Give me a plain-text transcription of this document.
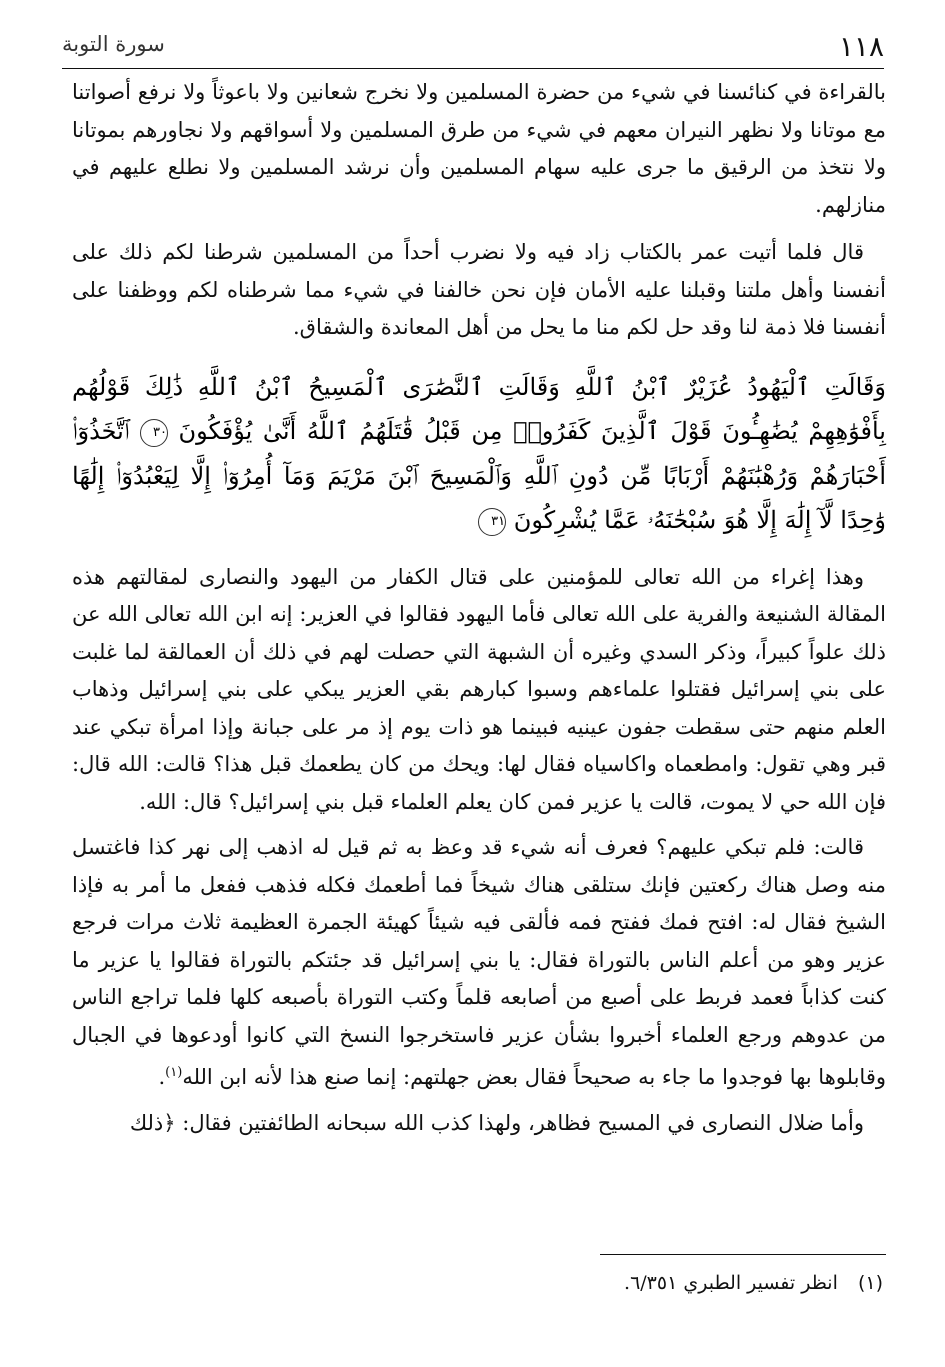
١١٨
سورة التوبة

بالقراءة في كنائسنا في شيء من حضرة المسلمين ولا نخرج شعانين ولا باعوثاً ولا نرفع أصواتنا مع موتانا ولا نظهر النيران معهم في شيء من طرق المسلمين ولا أسواقهم ولا نجاورهم بموتانا ولا نتخذ من الرقيق ما جرى عليه سهام المسلمين وأن نرشد المسلمين ولا نطلع عليهم في منازلهم.

قال فلما أتيت عمر بالكتاب زاد فيه ولا نضرب أحداً من المسلمين شرطنا لكم ذلك على أنفسنا وأهل ملتنا وقبلنا عليه الأمان فإن نحن خالفنا في شيء مما شرطناه لكم ووظفنا على أنفسنا فلا ذمة لنا وقد حل لكم منا ما يحل من أهل المعاندة والشقاق.

وَقَالَتِ ٱلْيَهُودُ عُزَيْرٌ ٱبْنُ ٱللَّهِ وَقَالَتِ ٱلنَّصَٰرَى ٱلْمَسِيحُ ٱبْنُ ٱللَّهِ ذَٰلِكَ قَوْلُهُم بِأَفْوَٰهِهِمْ يُضَٰهِـُٔونَ قَوْلَ ٱلَّذِينَ كَفَرُوا۟ مِن قَبْلُ قَٰتَلَهُمُ ٱللَّهُ أَنَّىٰ يُؤْفَكُونَ ٣٠ ٱتَّخَذُوٓا۟ أَحْبَارَهُمْ وَرُهْبَٰنَهُمْ أَرْبَابًا مِّن دُونِ ٱللَّهِ وَٱلْمَسِيحَ ٱبْنَ مَرْيَمَ وَمَآ أُمِرُوٓا۟ إِلَّا لِيَعْبُدُوٓا۟ إِلَٰهًا وَٰحِدًا لَّآ إِلَٰهَ إِلَّا هُوَ سُبْحَٰنَهُۥ عَمَّا يُشْرِكُونَ ٣١

وهذا إغراء من الله تعالى للمؤمنين على قتال الكفار من اليهود والنصارى لمقالتهم هذه المقالة الشنيعة والفرية على الله تعالى فأما اليهود فقالوا في العزير: إنه ابن الله تعالى الله عن ذلك علواً كبيراً، وذكر السدي وغيره أن الشبهة التي حصلت لهم في ذلك أن العمالقة لما غلبت على بني إسرائيل فقتلوا علماءهم وسبوا كبارهم بقي العزير يبكي على بني إسرائيل وذهاب العلم منهم حتى سقطت جفون عينيه فبينما هو ذات يوم إذ مر على جبانة وإذا امرأة تبكي عند قبر وهي تقول: وامطعماه واكاسياه فقال لها: ويحك من كان يطعمك قبل هذا؟ قالت: الله قال: فإن الله حي لا يموت، قالت يا عزير فمن كان يعلم العلماء قبل بني إسرائيل؟ قال: الله.

قالت: فلم تبكي عليهم؟ فعرف أنه شيء قد وعظ به ثم قيل له اذهب إلى نهر كذا فاغتسل منه وصل هناك ركعتين فإنك ستلقى هناك شيخاً فما أطعمك فكله فذهب ففعل ما أمر به فإذا الشيخ فقال له: افتح فمك ففتح فمه فألقى فيه شيئاً كهيئة الجمرة العظيمة ثلاث مرات فرجع عزير وهو من أعلم الناس بالتوراة فقال: يا بني إسرائيل قد جئتكم بالتوراة فقالوا يا عزير ما كنت كذاباً فعمد فربط على أصبع من أصابعه قلماً وكتب التوراة بأصبعه كلها فلما تراجع الناس من عدوهم ورجع العلماء أخبروا بشأن عزير فاستخرجوا النسخ التي كانوا أودعوها في الجبال وقابلوها بها فوجدوا ما جاء به صحيحاً فقال بعض جهلتهم: إنما صنع هذا لأنه ابن الله$^{(١)}$.

وأما ضلال النصارى في المسيح فظاهر، ولهذا كذب الله سبحانه الطائفتين فقال: ﴿ذلك

(١) انظر تفسير الطبري ٦/٣٥١.
